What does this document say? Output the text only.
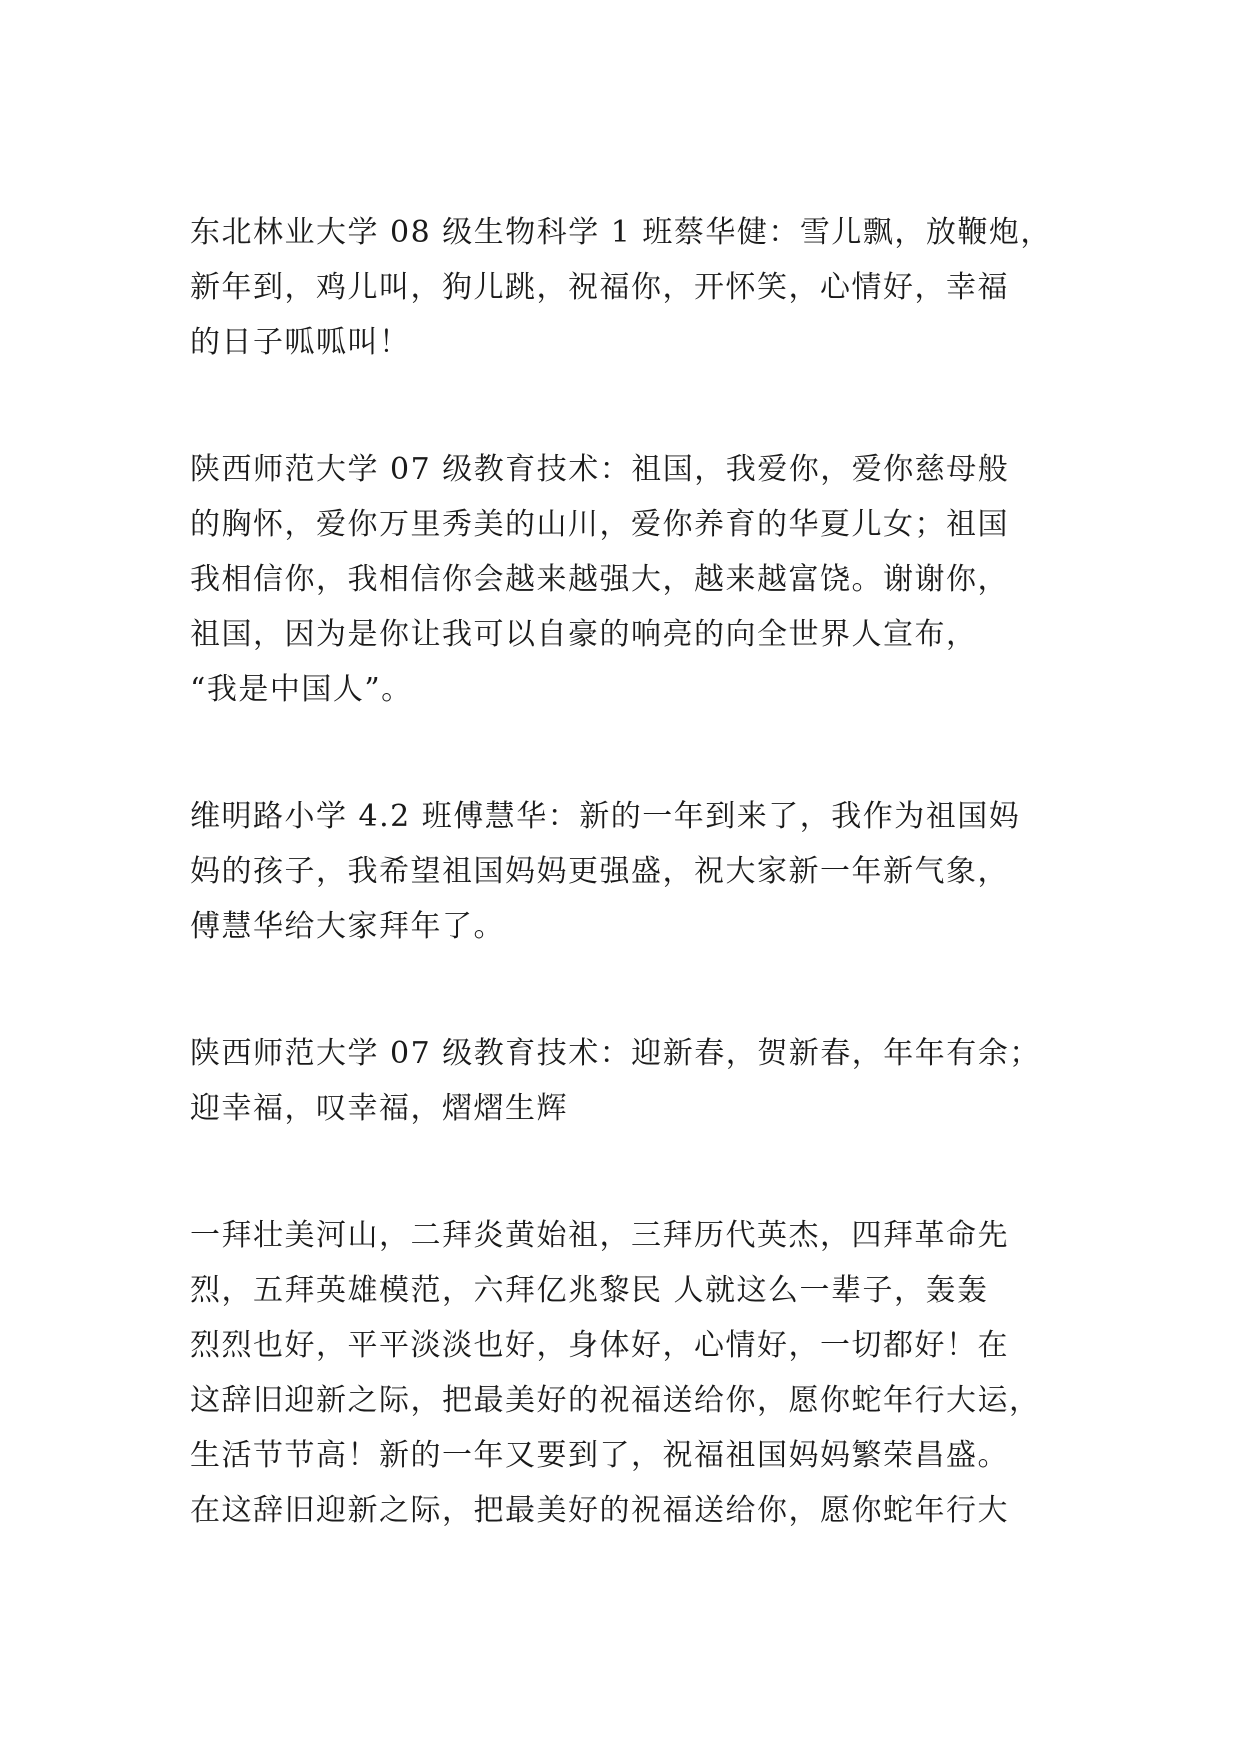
东北林业大学 08 级生物科学 1 班蔡华健：雪儿飘，放鞭炮，
新年到，鸡儿叫，狗儿跳，祝福你，开怀笑，心情好，幸福
的日子呱呱叫！

陕西师范大学 07 级教育技术：祖国，我爱你，爱你慈母般
的胸怀，爱你万里秀美的山川，爱你养育的华夏儿女；祖国
我相信你，我相信你会越来越强大，越来越富饶。谢谢你，
祖国，因为是你让我可以自豪的响亮的向全世界人宣布，
“我是中国人”。

维明路小学 4.2 班傅慧华：新的一年到来了，我作为祖国妈
妈的孩子，我希望祖国妈妈更强盛，祝大家新一年新气象，
傅慧华给大家拜年了。

陕西师范大学 07 级教育技术：迎新春，贺新春，年年有余；
迎幸福，叹幸福，熠熠生辉

一拜壮美河山，二拜炎黄始祖，三拜历代英杰，四拜革命先
烈，五拜英雄模范，六拜亿兆黎民 人就这么一辈子，轰轰
烈烈也好，平平淡淡也好，身体好，心情好，一切都好！在
这辞旧迎新之际，把最美好的祝福送给你，愿你蛇年行大运，
生活节节高！新的一年又要到了，祝福祖国妈妈繁荣昌盛。
在这辞旧迎新之际，把最美好的祝福送给你，愿你蛇年行大
